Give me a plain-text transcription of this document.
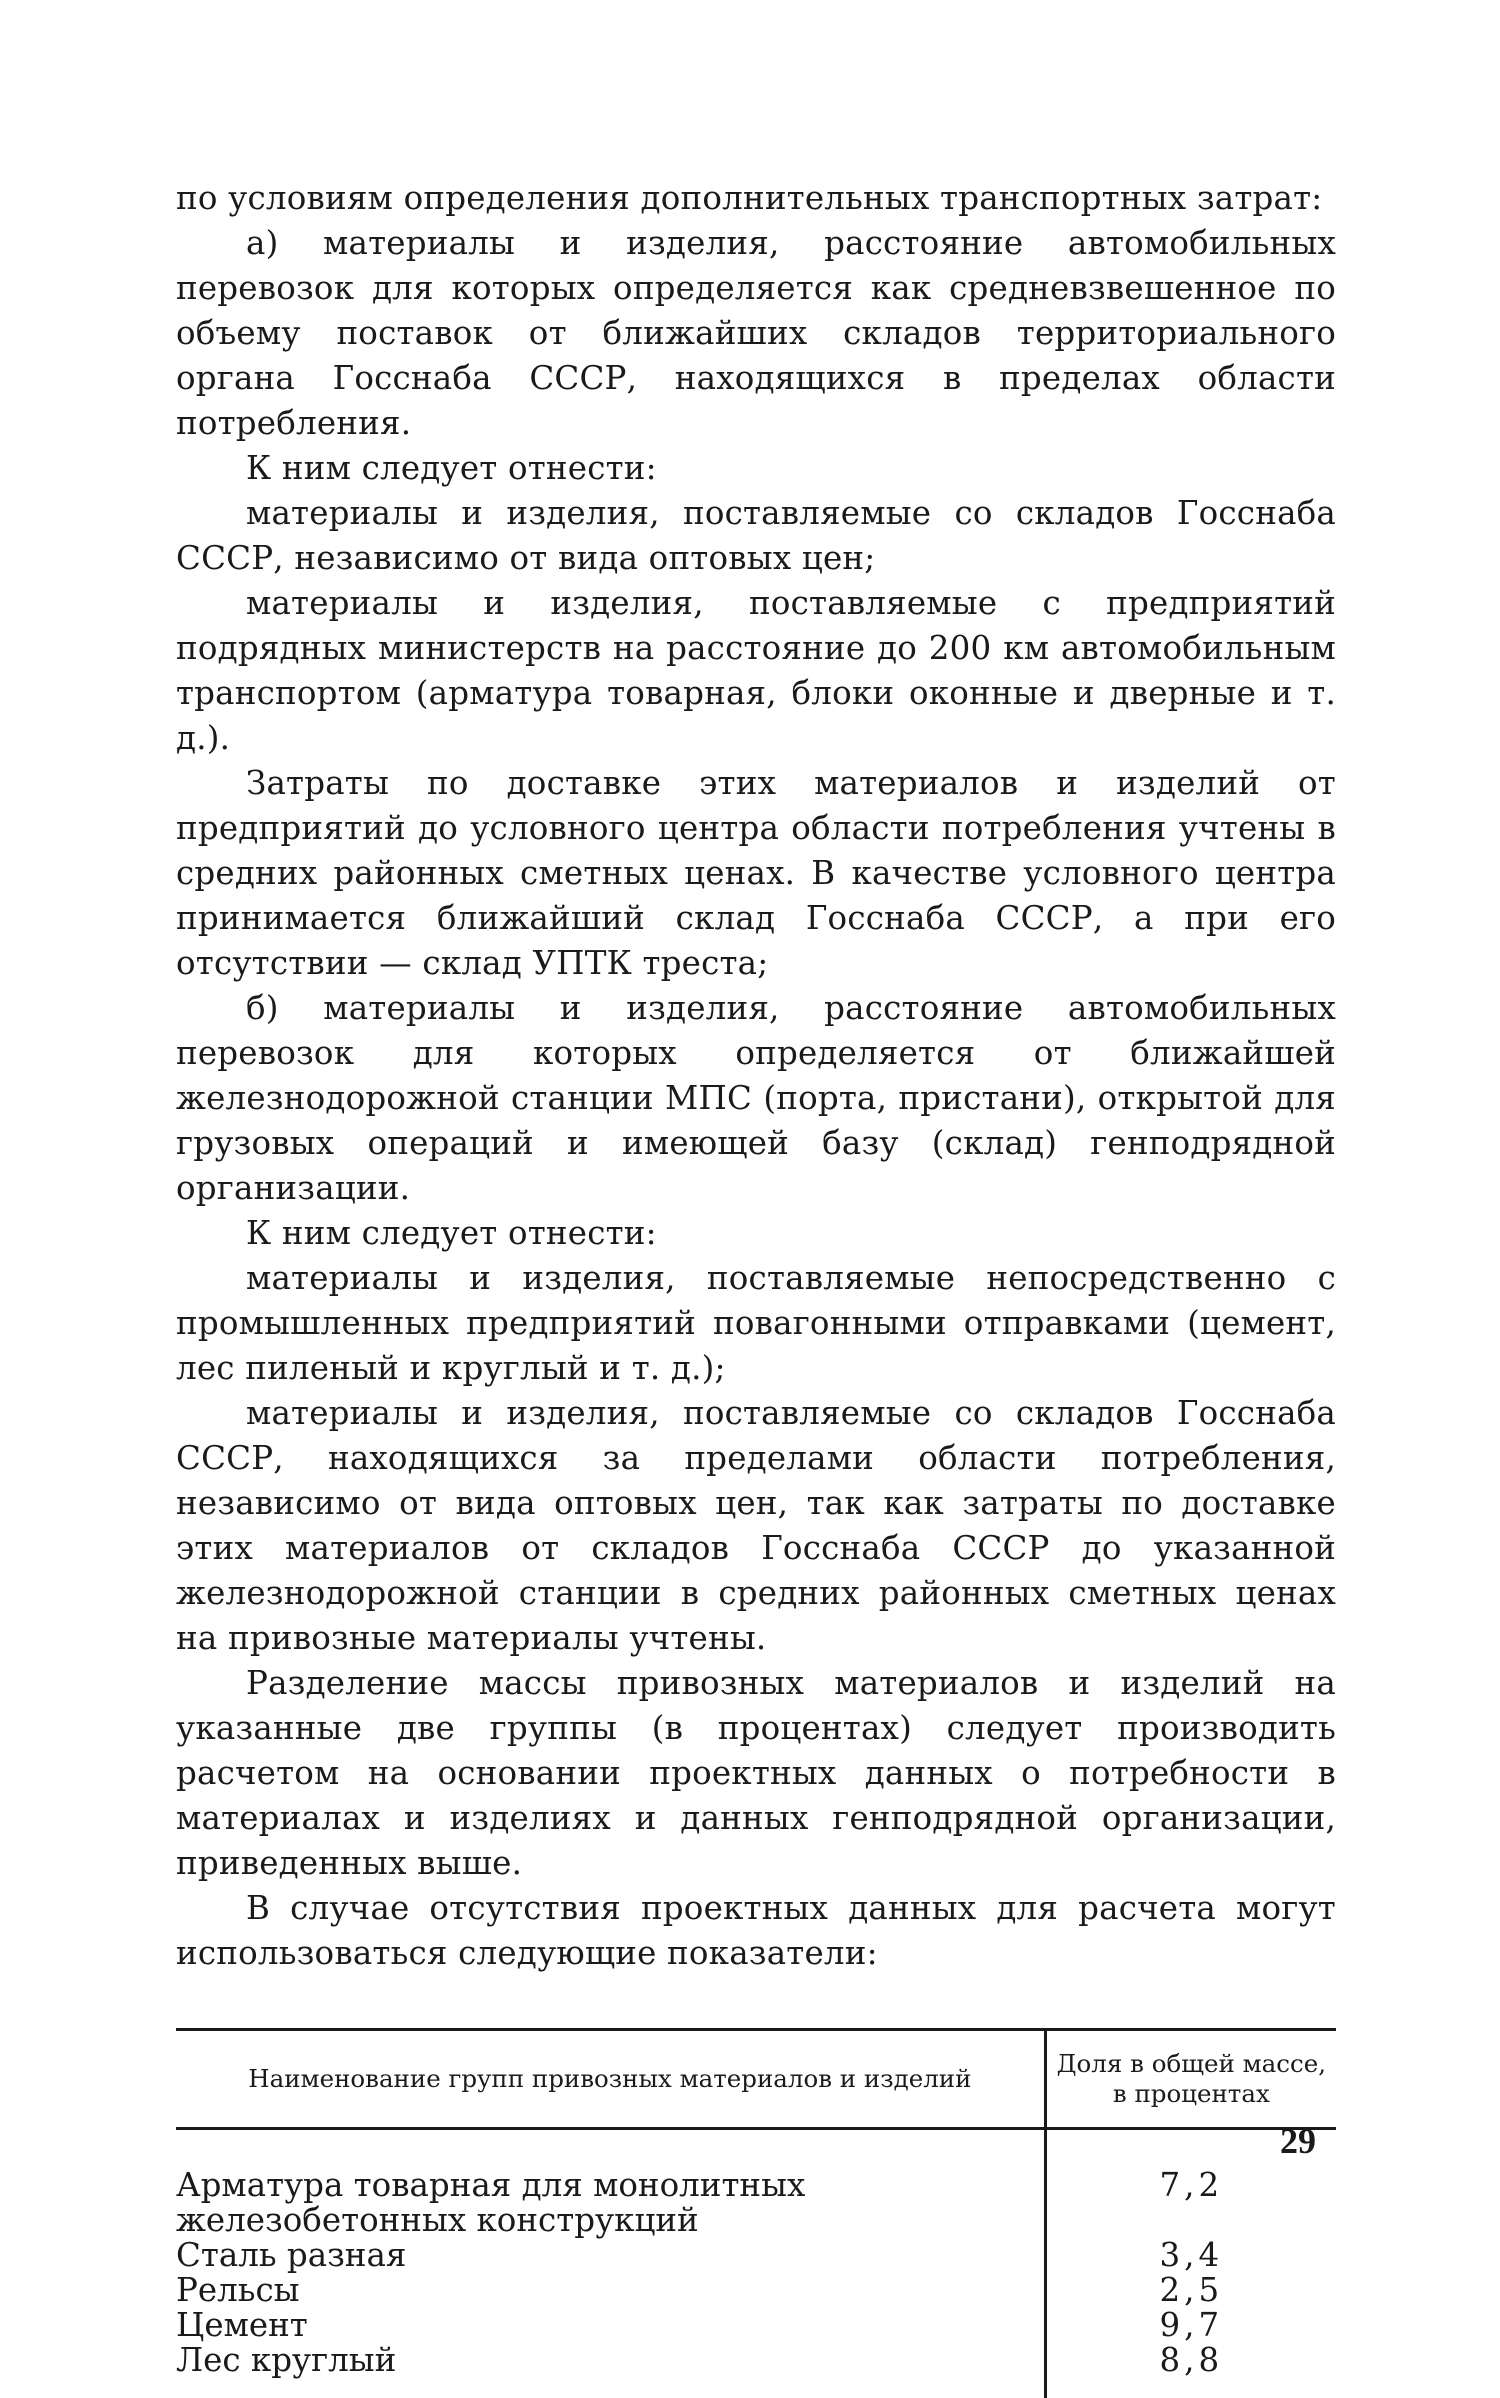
по условиям определения дополнительных транспортных затрат:

а) материалы и изделия, расстояние автомобильных перевозок для которых определяется как средневзвешенное по объему поставок от ближайших складов территориального органа Госснаба СССР, находящихся в пределах области потребления.

К ним следует отнести:

материалы и изделия, поставляемые со складов Госснаба СССР, независимо от вида оптовых цен;

материалы и изделия, поставляемые с предприятий подрядных министерств на расстояние до 200 км автомобильным транспортом (арматура товарная, блоки оконные и дверные и т. д.).

Затраты по доставке этих материалов и изделий от предприятий до условного центра области потребления учтены в средних районных сметных ценах. В качестве условного центра принимается ближайший склад Госснаба СССР, а при его отсутствии — склад УПТК треста;

б) материалы и изделия, расстояние автомобильных перевозок для которых определяется от ближайшей железнодорожной станции МПС (порта, пристани), открытой для грузовых операций и имеющей базу (склад) генподрядной организации.

К ним следует отнести:

материалы и изделия, поставляемые непосредственно с промышленных предприятий повагонными отправками (цемент, лес пиленый и круглый и т. д.);

материалы и изделия, поставляемые со складов Госснаба СССР, находящихся за пределами области потребления, независимо от вида оптовых цен, так как затраты по доставке этих материалов от складов Госснаба СССР до указанной железнодорожной станции в средних районных сметных ценах на привозные материалы учтены.

Разделение массы привозных материалов и изделий на указанные две группы (в процентах) следует производить расчетом на основании проектных данных о потребности в материалах и изделиях и данных генподрядной организации, приведенных выше.

В случае отсутствия проектных данных для расчета могут использоваться следующие показатели:

Наименование групп привозных материалов и изделий	Доля в общей массе, в процентах
Арматура товарная для монолитных железобетонных конструкций	7,2
Сталь разная	3,4
Рельсы	2,5
Цемент	9,7
Лес круглый	8,8
29
